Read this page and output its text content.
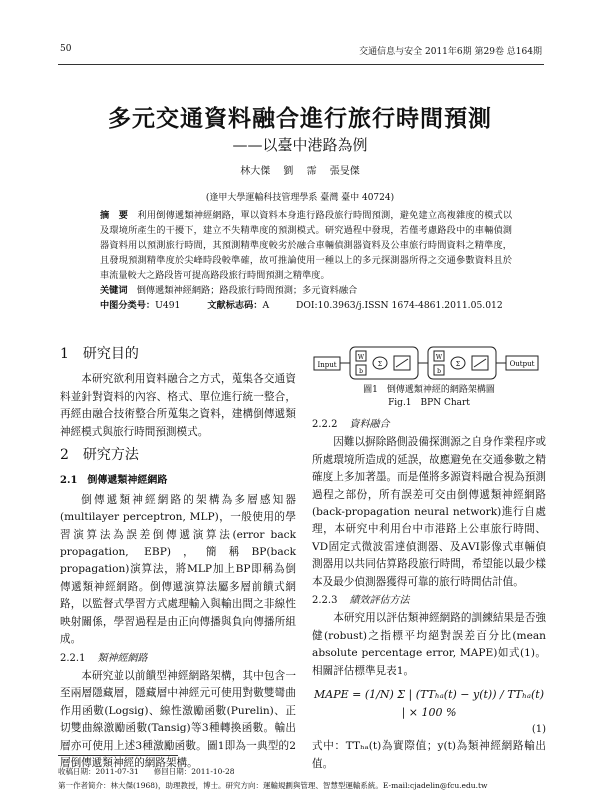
50	交通信息与安全 2011年6期 第29卷 总164期
多元交通資料融合進行旅行時間預測
——以臺中港路為例
林大傑 劉 霈 張旻傑
(逢甲大學運輸科技管理學系 臺灣 臺中 40724)
摘　要　 利用倒傳遞類神經網路，單以資料本身進行路段旅行時間預測，避免建立高複雜度的模式以及環境所產生的干擾下，建立不失精準度的預測模式。研究過程中發現，若僅考慮路段中的車輛偵測器資料用以預測旅行時間，其預測精準度較劣於融合車輛偵測器資料及公車旅行時間資料之精準度，且發現預測精準度於尖峰時段較準確，故可推論使用一種以上的多元探測器所得之交通參數資料且於車流量較大之路段皆可提高路段旅行時間預測之精準度。
关键词　 倒傳遞類神經網路；路段旅行時間預測；多元資料融合
中图分类号：U491	文献标志码：A	DOI:10.3963/j.ISSN 1674-4861.2011.05.012
1　研究目的

本研究欲利用資料融合之方式，蒐集各交通資料並針對資料的內容、格式、單位進行統一整合，再經由融合技術整合所蒐集之資料，建構倒傳遞類神經模式與旅行時間預測模式。

2　研究方法
2.1　倒傳遞類神經網路

倒傳遞類神經網路的架構為多層感知器(multilayer perceptron, MLP)，一般使用的學習演算法為誤差倒傳遞演算法(error back propagation, EBP)，簡稱BP(back propagation)演算法，將MLP加上BP即稱為倒傳遞類神經網路。倒傳遞演算法屬多層前饋式網路，以監督式學習方式處理輸入與輸出間之非線性映射關係，學習過程是由正向傳播與負向傳播所組成。

2.2.1 類神經網路

本研究並以前饋型神經網路架構，其中包含一至兩層隱藏層，隱藏層中神經元可使用對數雙彎曲作用函數(Logsig)、線性激勵函數(Purelin)、正切雙曲線激勵函數(Tansig)等3種轉換函數。輸出層亦可使用上述3種激勵函數。圖1即為一典型的2層倒傳遞類神經的網路架構。

Input
W
b
Σ
W
b
Σ	Output
圖1　倒傳遞類神經的網路架構圖
Fig.1　BPN Chart
2.2.2 資料融合

因難以摒除路側設備探測源之自身作業程序或所處環境所造成的延誤，故應避免在交通參數之精確度上多加著墨。而是僅將多源資料融合視為預測過程之部份，所有誤差可交由倒傳遞類神經網路(back-propagation neural network)進行自處理，本研究中利用台中市港路上公車旅行時間、VD固定式微波雷達偵測器、及AVI影像式車輛偵測器用以共同估算路段旅行時間，希望能以最少樣本及最少偵測器獲得可靠的旅行時間估計值。

2.2.3 績效評估方法

本研究用以評估類神經網路的訓練結果是否強健(robust)之指標平均絕對誤差百分比(mean absolute percentage error, MAPE)如式(1)。相關評估標準見表1。

MAPE = (1/N) Σ | (TTₕₐ(t) − y(t)) / TTₕₐ(t) | × 100 %
(1)
式中：TTₕₐ(t)為實際值；y(t)為類神經網路輸出值。
收稿日期：2011-07-31　　修回日期：2011-10-28
第一作者简介：林大傑(1968)，助理教授，博士。研究方向：運輸規劃與管理、智慧型運輸系統。E-mail:cjadelin@fcu.edu.tw
